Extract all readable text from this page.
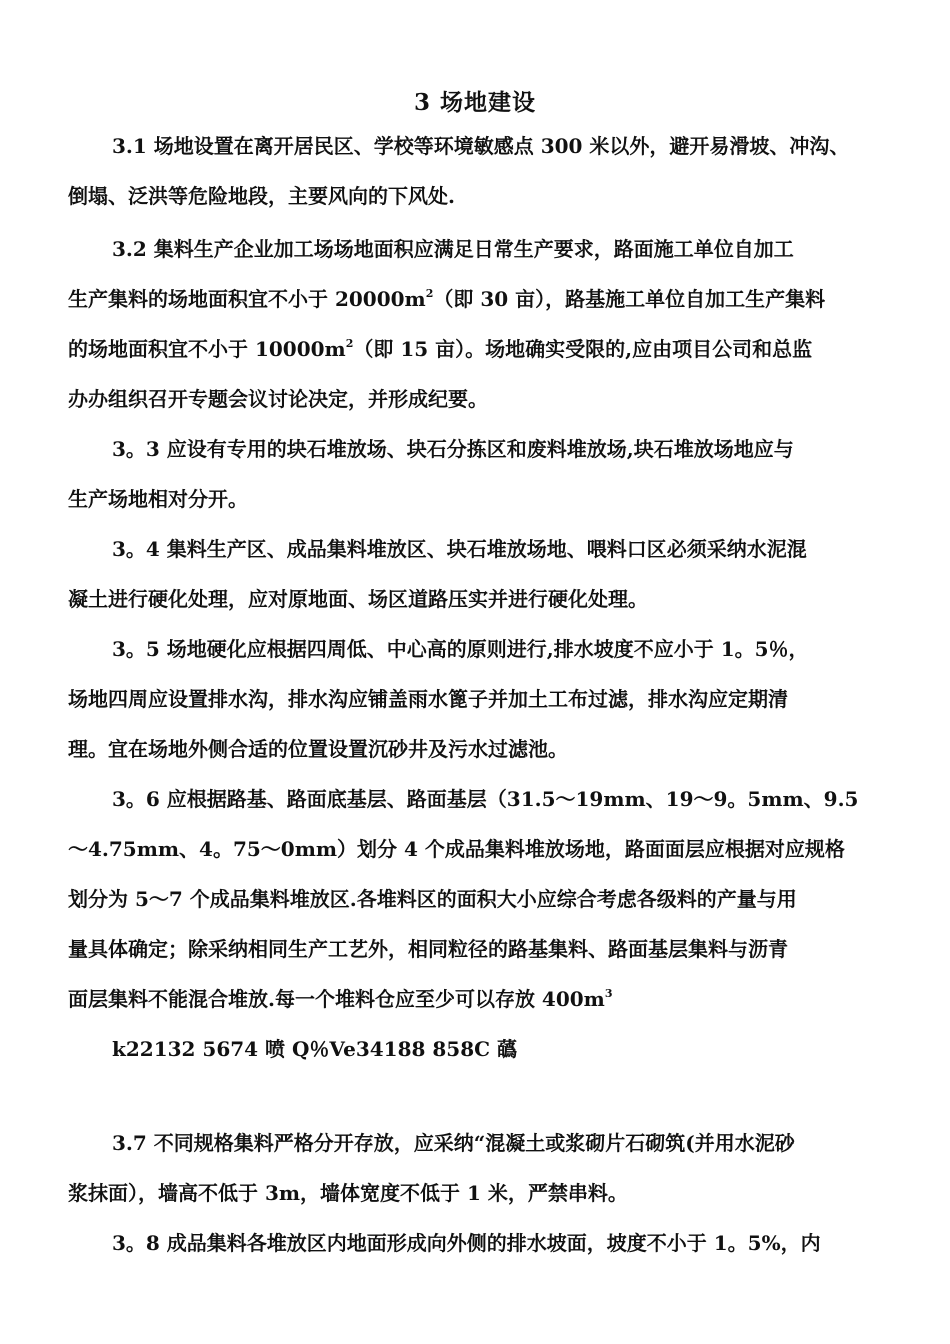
3 场地建设
3.1 场地设置在离开居民区、学校等环境敏感点 300 米以外，避开易滑坡、冲沟、
倒塌、泛洪等危险地段，主要风向的下风处.
3.2 集料生产企业加工场场地面积应满足日常生产要求，路面施工单位自加工
生产集料的场地面积宜不小于 $20000m^2$（即 30 亩），路基施工单位自加工生产集料
的场地面积宜不小于 $10000m^2$（即 15 亩）。场地确实受限的,应由项目公司和总监
办办组织召开专题会议讨论决定，并形成纪要。
3。3 应设有专用的块石堆放场、块石分拣区和废料堆放场,块石堆放场地应与
生产场地相对分开。
3。4 集料生产区、成品集料堆放区、块石堆放场地、喂料口区必须采纳水泥混
凝土进行硬化处理，应对原地面、场区道路压实并进行硬化处理。
3。5 场地硬化应根据四周低、中心高的原则进行,排水坡度不应小于 1。5％，
场地四周应设置排水沟，排水沟应铺盖雨水篦子并加土工布过滤，排水沟应定期清
理。宜在场地外侧合适的位置设置沉砂井及污水过滤池。
3。6 应根据路基、路面底基层、路面基层（31.5～19mm、19～9。5mm、9.5
～4.75mm、4。75～0mm）划分 4 个成品集料堆放场地，路面面层应根据对应规格
划分为 5～7 个成品集料堆放区.各堆料区的面积大小应综合考虑各级料的产量与用
量具体确定；除采纳相同生产工艺外，相同粒径的路基集料、路面基层集料与沥青
面层集料不能混合堆放.每一个堆料仓应至少可以存放 $400m^3$
k22132 5674 喷 Q％Ve34188 858C 蘤
3.7 不同规格集料严格分开存放，应采纳“混凝土或浆砌片石砌筑(并用水泥砂
浆抹面），墙高不低于 3m，墙体宽度不低于 1 米，严禁串料。
3。8 成品集料各堆放区内地面形成向外侧的排水坡面，坡度不小于 1。5%，内
